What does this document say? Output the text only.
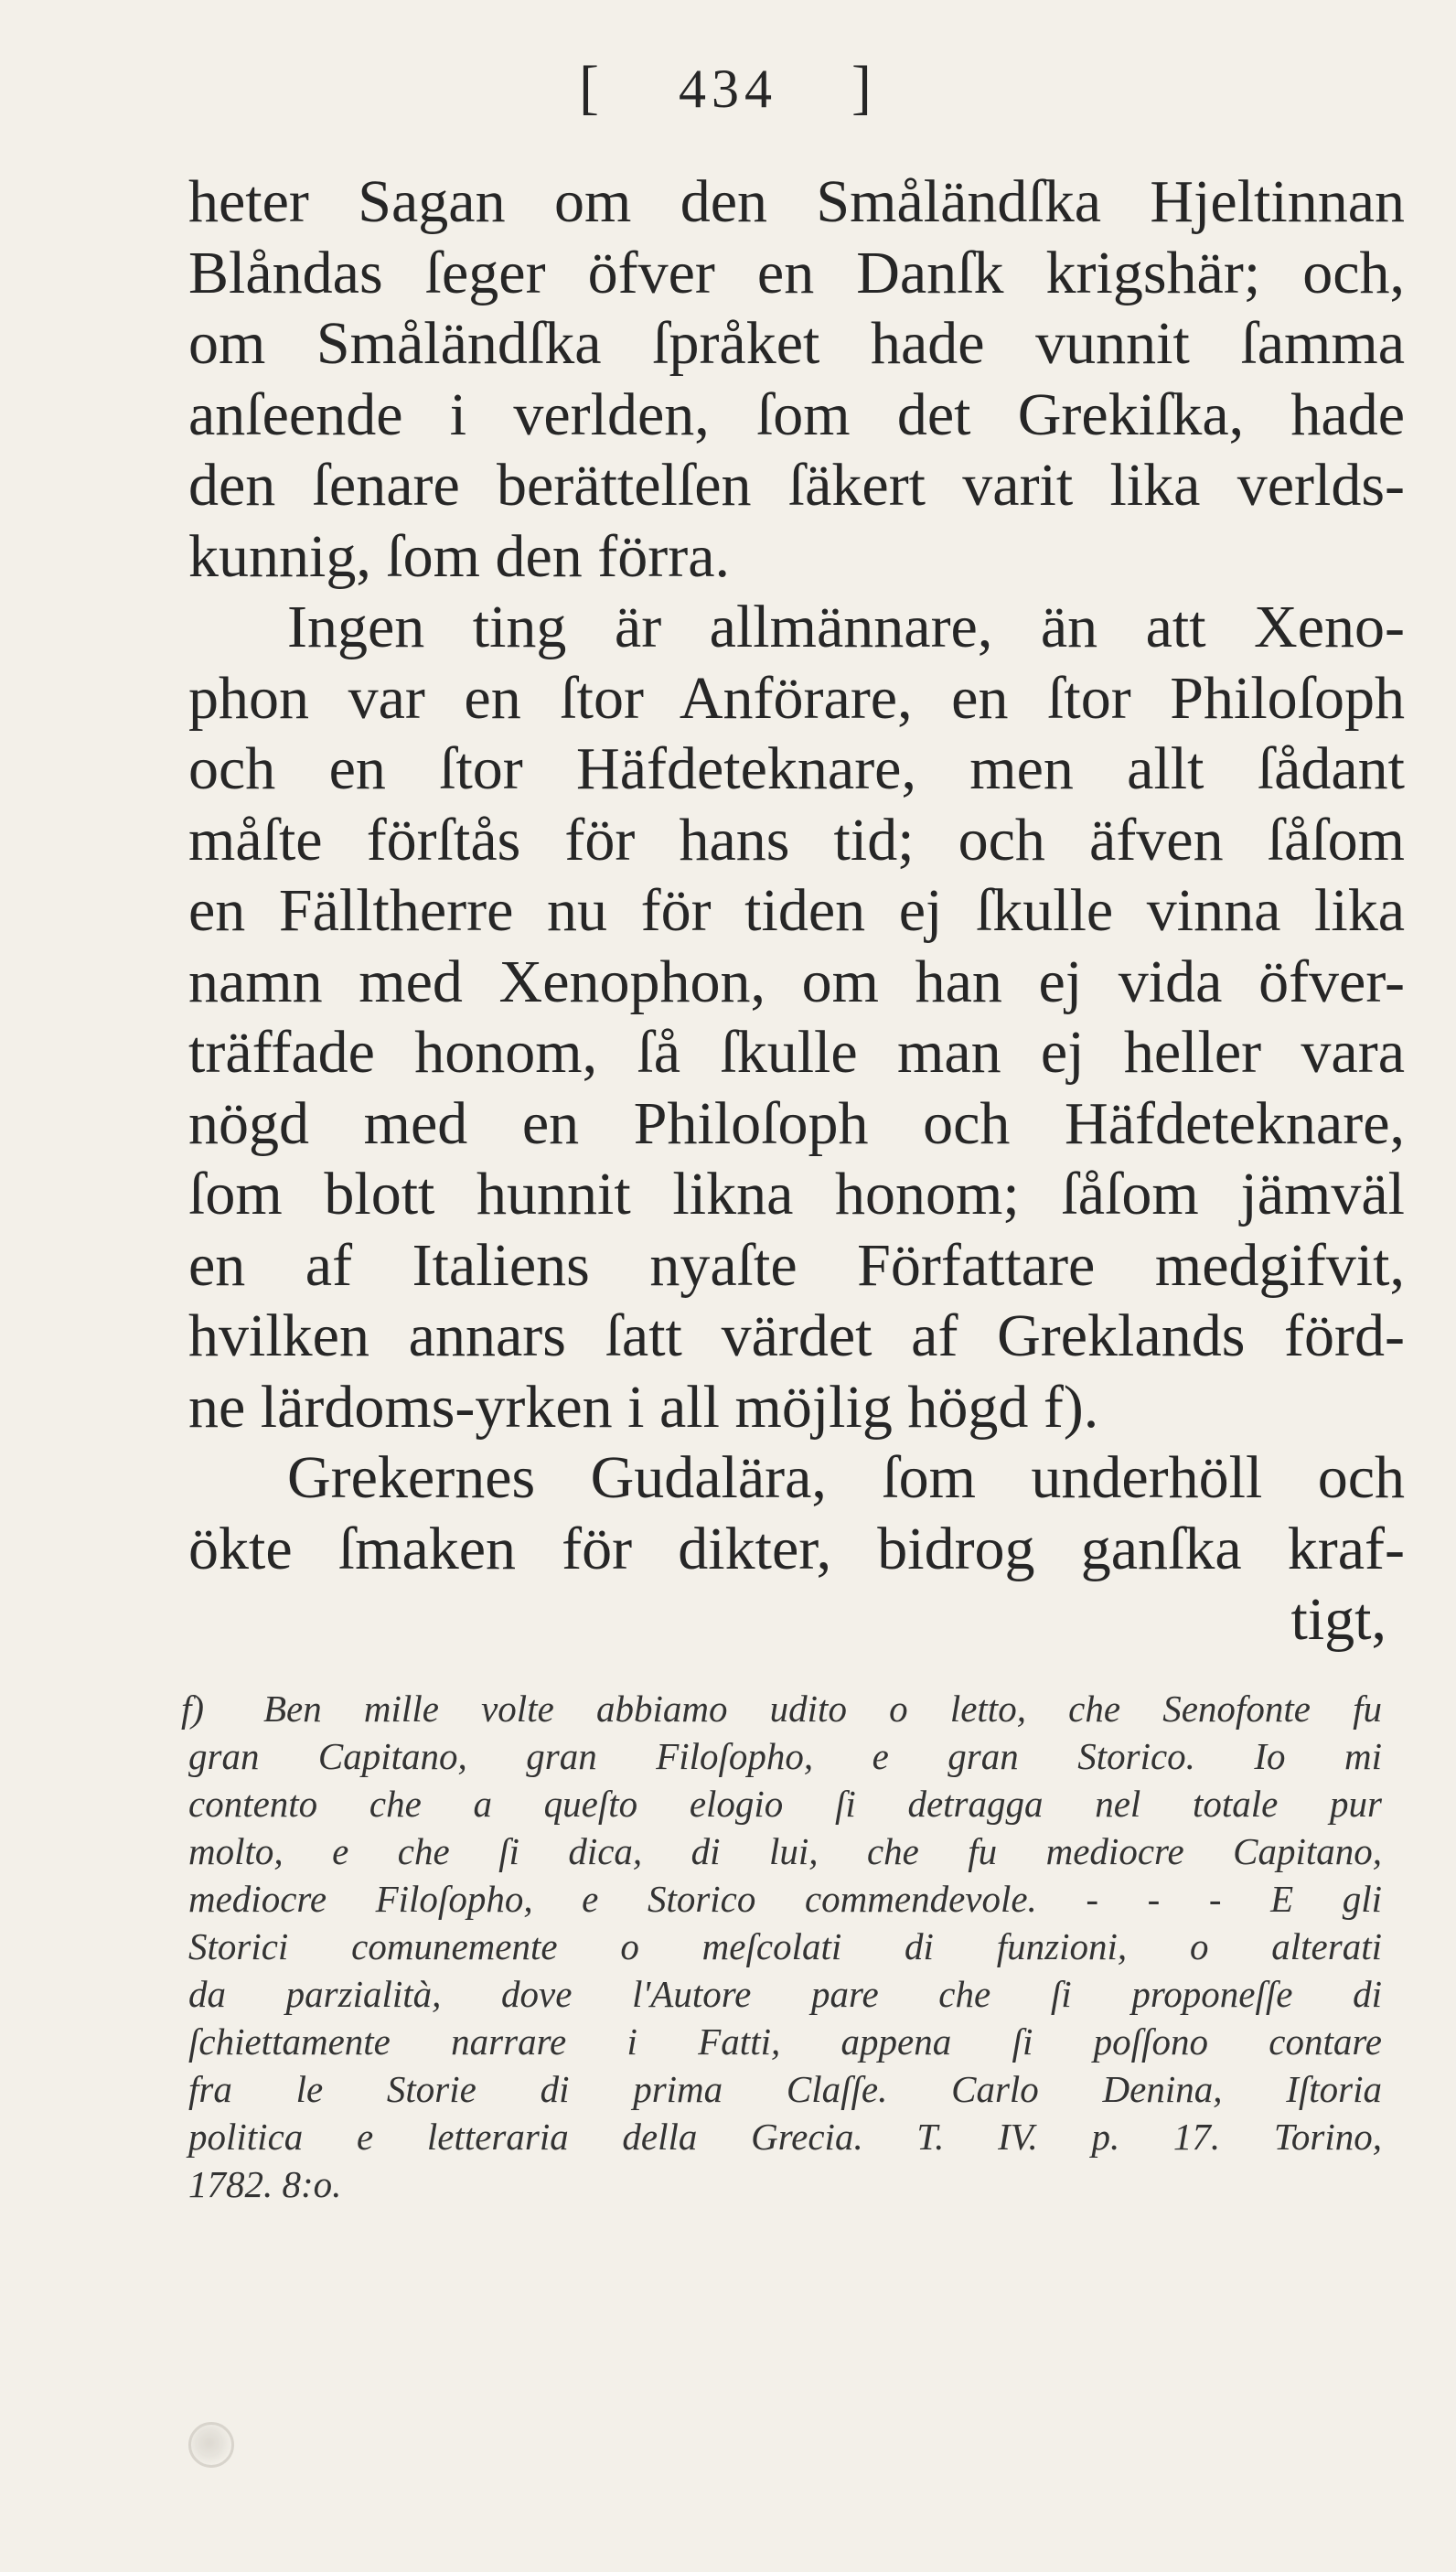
[ 434 ]
heter Sagan om den Småländſka Hjeltinnan
Blåndas ſeger öfver en Danſk krigshär; och,
om Småländſka ſpråket hade vunnit ſamma
anſeende i verlden, ſom det Grekiſka, hade
den ſenare berättelſen ſäkert varit lika verlds-
kunnig, ſom den förra.
Ingen ting är allmännare, än att Xeno-
phon var en ſtor Anförare, en ſtor Philoſoph
och en ſtor Häfdeteknare, men allt ſådant
måſte förſtås för hans tid; och äfven ſåſom
en Fällthеrre nu för tiden ej ſkulle vinna lika
namn med Xenophon, om han ej vida öfver-
träffade honom, ſå ſkulle man ej heller vara
nögd med en Philoſoph och Häfdeteknare,
ſom blott hunnit likna honom; ſåſom jämväl
en af Italiens nyaſte Författare medgifvit,
hvilken annars ſatt värdet af Greklands förd-
ne lärdoms-yrken i all möjlig högd f).
Grekernes Gudalära, ſom underhöll och
ökte ſmaken för dikter, bidrog ganſka kraf-
tigt,
f) Ben mille volte abbiamo udito o letto, che Senofonte fu
gran Capitano, gran Filoſopho, e gran Storico. Io mi
contento che a queſto elogio ſi detragga nel totale pur
molto, e che ſi dica, di lui, che fu mediocre Capitano,
mediocre Filoſopho, e Storico commendevole. - - - E gli
Storici comunemente o meſcolati di funzioni, o alterati
da parzialità, dove l'Autore pare che ſi proponeſſe di
ſchiettamente narrare i Fatti, appena ſi poſſono contare
fra le Storie di prima Claſſe. Carlo Denina, Iſtoria
politica e letteraria della Grecia. T. IV. p. 17. Torino,
1782. 8:o.
